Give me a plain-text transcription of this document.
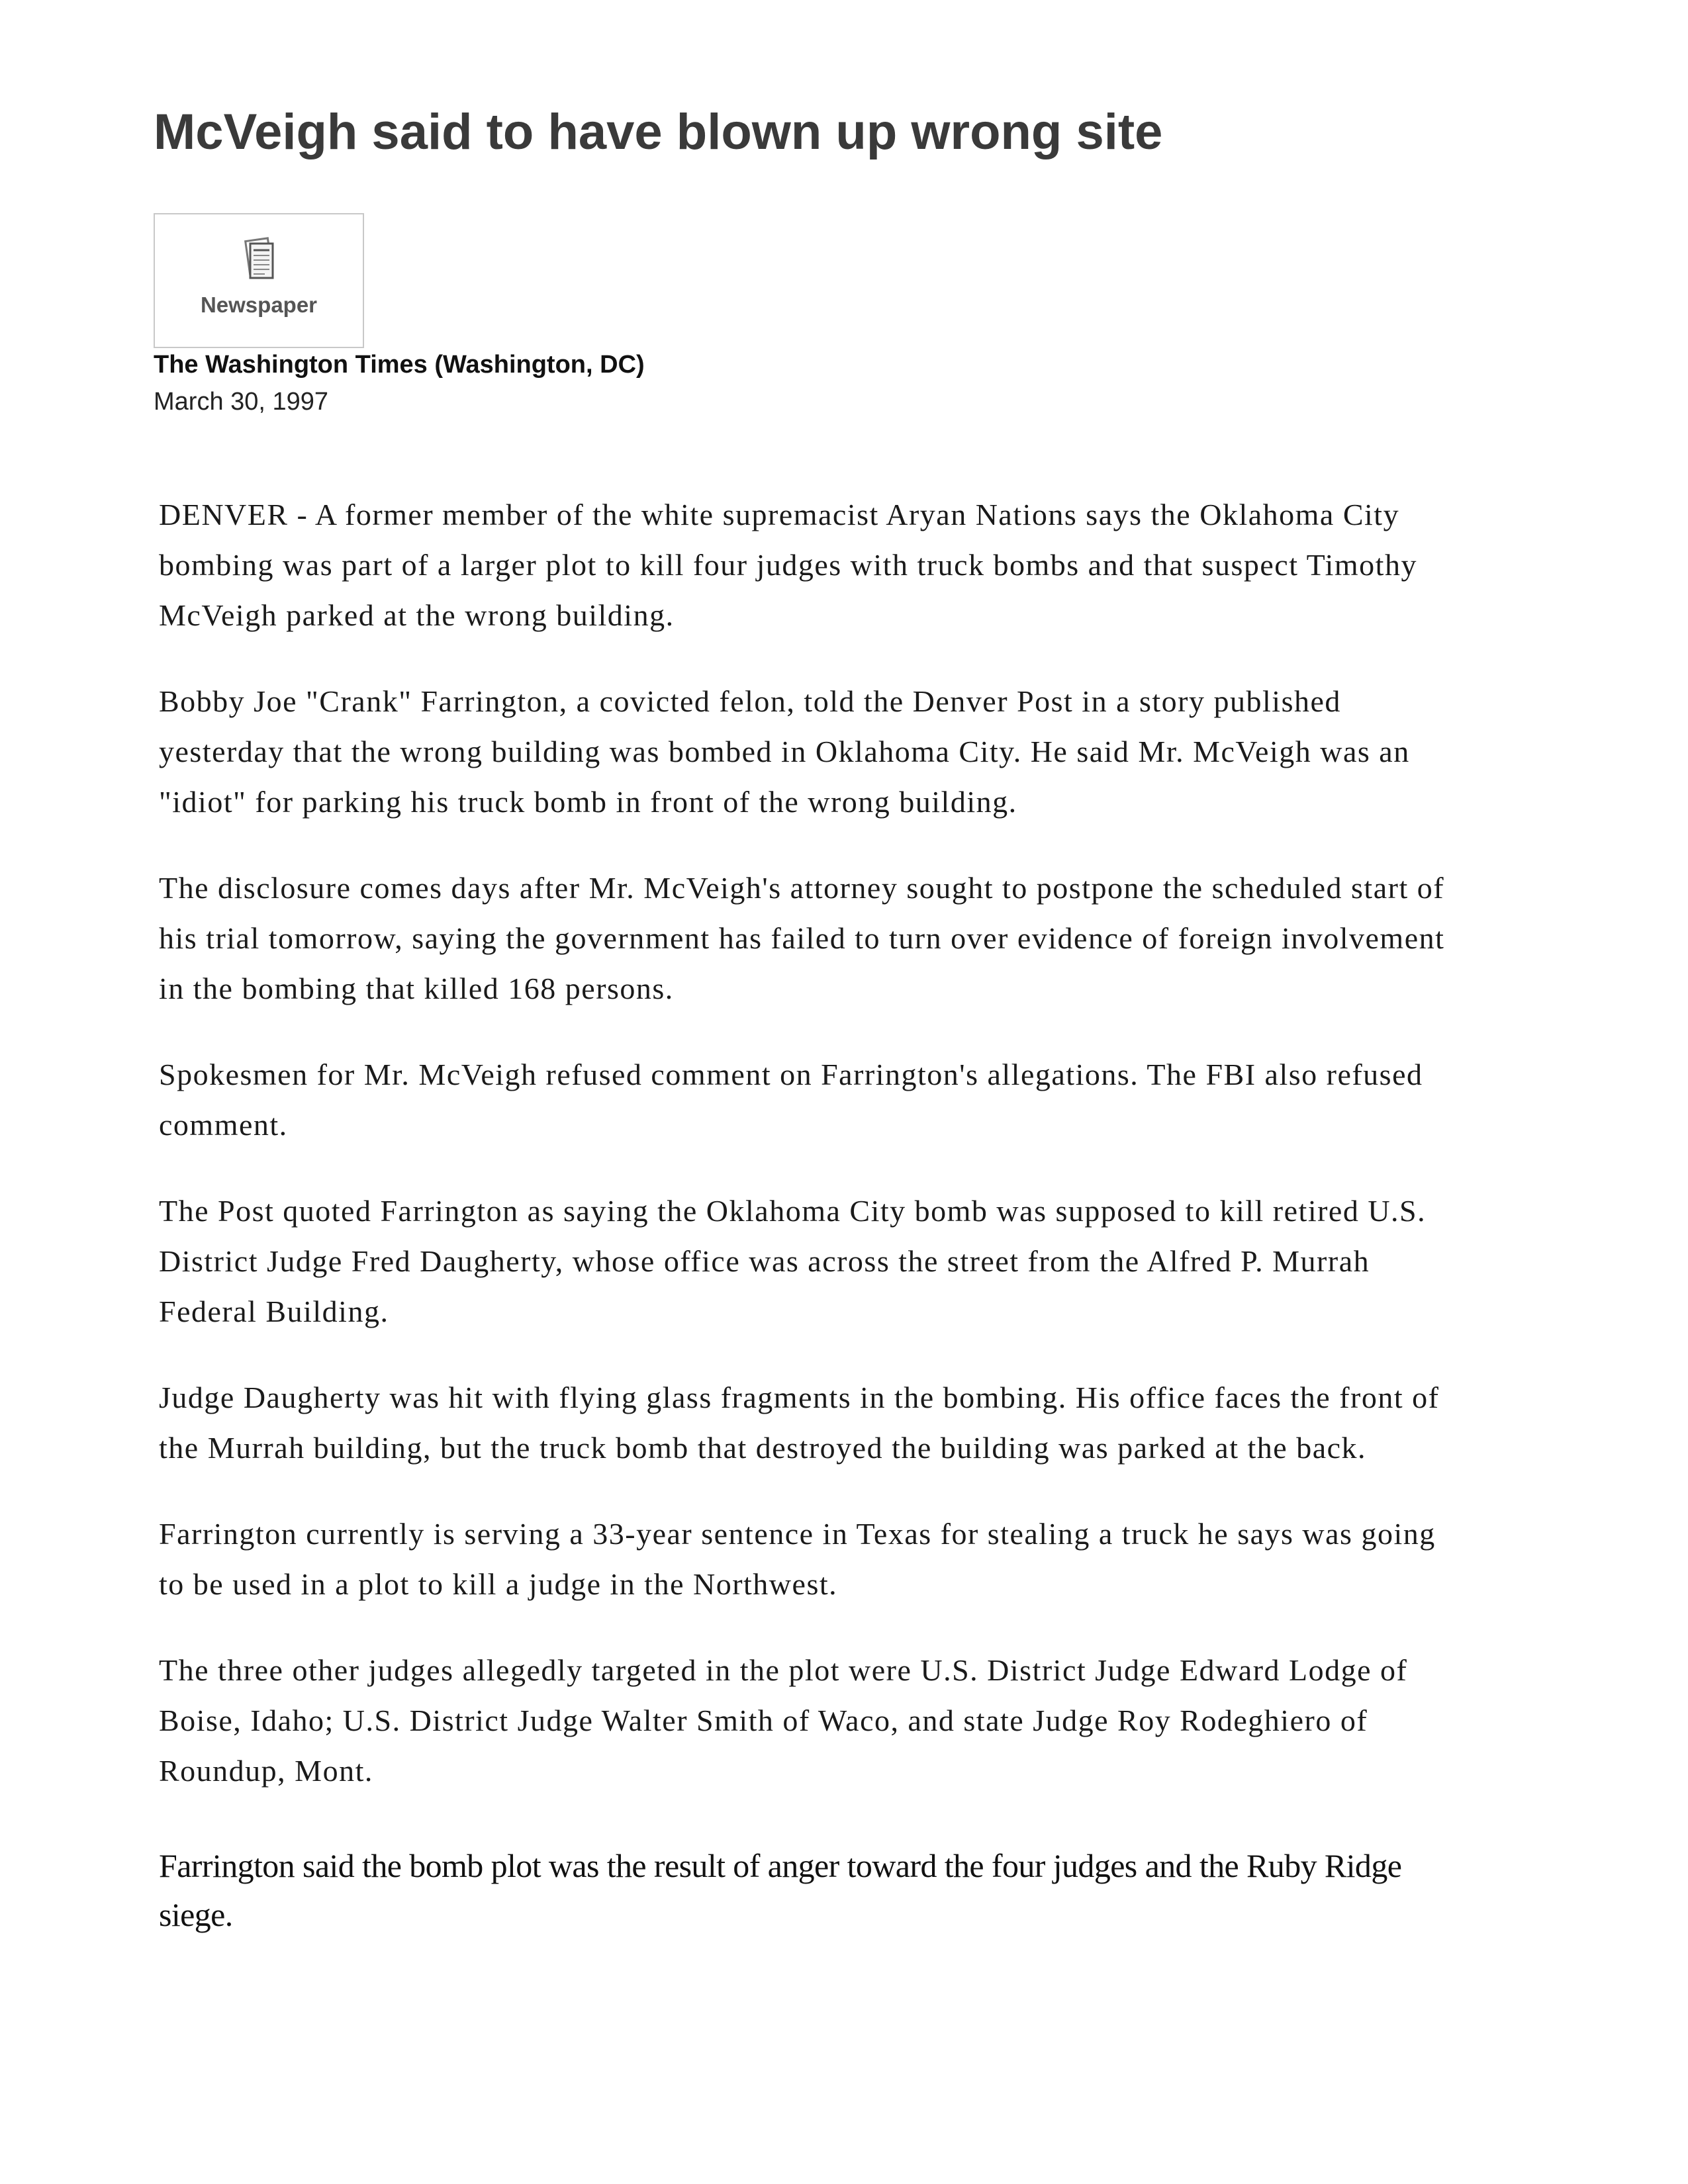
McVeigh said to have blown up wrong site
Newspaper
The Washington Times (Washington, DC)
March 30, 1997

DENVER - A former member of the white supremacist Aryan Nations says the Oklahoma City bombing was part of a larger plot to kill four judges with truck bombs and that suspect Timothy McVeigh parked at the wrong building.

Bobby Joe "Crank" Farrington, a covicted felon, told the Denver Post in a story published yesterday that the wrong building was bombed in Oklahoma City. He said Mr. McVeigh was an "idiot" for parking his truck bomb in front of the wrong building.

The disclosure comes days after Mr. McVeigh's attorney sought to postpone the scheduled start of his trial tomorrow, saying the government has failed to turn over evidence of foreign involvement in the bombing that killed 168 persons.

Spokesmen for Mr. McVeigh refused comment on Farrington's allegations. The FBI also refused comment.

The Post quoted Farrington as saying the Oklahoma City bomb was supposed to kill retired U.S. District Judge Fred Daugherty, whose office was across the street from the Alfred P. Murrah Federal Building.

Judge Daugherty was hit with flying glass fragments in the bombing. His office faces the front of the Murrah building, but the truck bomb that destroyed the building was parked at the back.

Farrington currently is serving a 33-year sentence in Texas for stealing a truck he says was going to be used in a plot to kill a judge in the Northwest.

The three other judges allegedly targeted in the plot were U.S. District Judge Edward Lodge of Boise, Idaho; U.S. District Judge Walter Smith of Waco, and state Judge Roy Rodeghiero of Roundup, Mont.

Farrington said the bomb plot was the result of anger toward the four judges and the Ruby Ridge siege.
